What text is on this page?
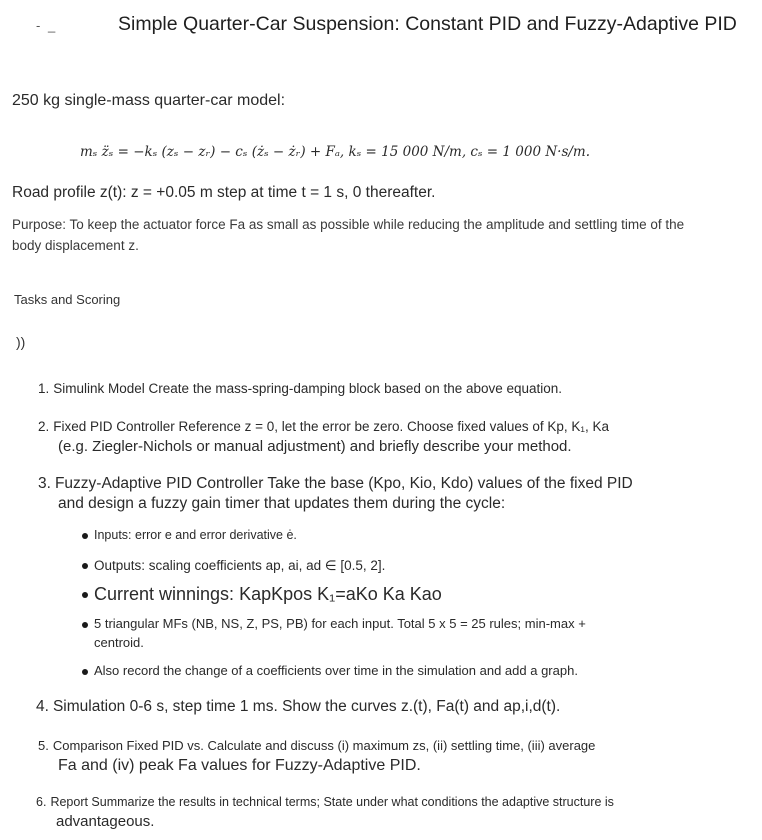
- _	Simple Quarter-Car Suspension: Constant PID and Fuzzy-Adaptive PID
250 kg single-mass quarter-car model:
mₛ z̈ₛ = −kₛ (zₛ − zᵣ) − cₛ (żₛ − żᵣ) + Fₐ, kₛ = 15 000 N/m, cₛ = 1 000 N·s/m.
Road profile z(t): z = +0.05 m step at time t = 1 s, 0 thereafter.
Purpose: To keep the actuator force Fa as small as possible while reducing the amplitude and settling time of the body displacement z.
Tasks and Scoring
))
1. Simulink Model Create the mass-spring-damping block based on the above equation.
2. Fixed PID Controller Reference z = 0, let the error be zero. Choose fixed values of Kp, K₁, Ka
(e.g. Ziegler-Nichols or manual adjustment) and briefly describe your method.
3. Fuzzy-Adaptive PID Controller Take the base (Kpo, Kio, Kdo) values of the fixed PID
and design a fuzzy gain timer that updates them during the cycle:
Inputs: error e and error derivative ė.
Outputs: scaling coefficients ap, ai, ad ∈ [0.5, 2].
Current winnings: KapKpos K₁=aKo Ka Kao
5 triangular MFs (NB, NS, Z, PS, PB) for each input. Total 5 x 5 = 25 rules; min-max +
centroid.
Also record the change of a coefficients over time in the simulation and add a graph.
4. Simulation 0-6 s, step time 1 ms. Show the curves z.(t), Fa(t) and ap,i,d(t).
5. Comparison Fixed PID vs. Calculate and discuss (i) maximum zs, (ii) settling time, (iii) average
Fa and (iv) peak Fa values for Fuzzy-Adaptive PID.
6. Report Summarize the results in technical terms; State under what conditions the adaptive structure is
advantageous.
